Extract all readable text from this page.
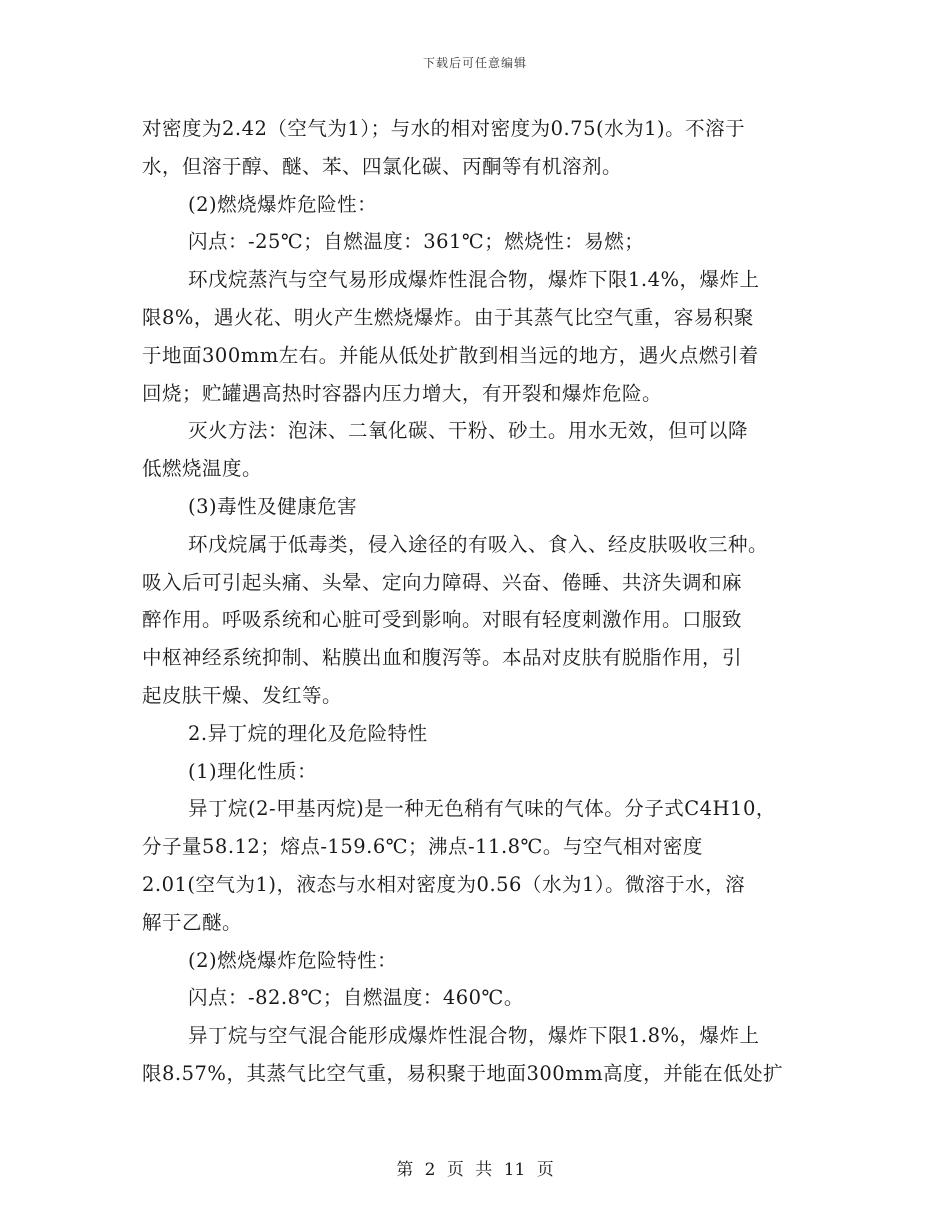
下载后可任意编辑
对密度为2.42（空气为1）；与水的相对密度为0.75(水为1)。不溶于
水，但溶于醇、醚、苯、四氯化碳、丙酮等有机溶剂。
(2)燃烧爆炸危险性：
闪点：-25℃；自燃温度：361℃；燃烧性：易燃；
环戊烷蒸汽与空气易形成爆炸性混合物，爆炸下限1.4%，爆炸上
限8%，遇火花、明火产生燃烧爆炸。由于其蒸气比空气重，容易积聚
于地面300mm左右。并能从低处扩散到相当远的地方，遇火点燃引着
回烧；贮罐遇高热时容器内压力增大，有开裂和爆炸危险。
灭火方法：泡沫、二氧化碳、干粉、砂土。用水无效，但可以降
低燃烧温度。
(3)毒性及健康危害
环戊烷属于低毒类，侵入途径的有吸入、食入、经皮肤吸收三种。
吸入后可引起头痛、头晕、定向力障碍、兴奋、倦睡、共济失调和麻
醉作用。呼吸系统和心脏可受到影响。对眼有轻度刺激作用。口服致
中枢神经系统抑制、粘膜出血和腹泻等。本品对皮肤有脱脂作用，引
起皮肤干燥、发红等。
2.异丁烷的理化及危险特性
(1)理化性质：
异丁烷(2-甲基丙烷)是一种无色稍有气味的气体。分子式C4H10，
分子量58.12；熔点-159.6℃；沸点-11.8℃。与空气相对密度
2.01(空气为1)，液态与水相对密度为0.56（水为1）。微溶于水，溶
解于乙醚。
(2)燃烧爆炸危险特性：
闪点：-82.8℃；自燃温度：460℃。
异丁烷与空气混合能形成爆炸性混合物，爆炸下限1.8%，爆炸上
限8.57%，其蒸气比空气重，易积聚于地面300mm高度，并能在低处扩
第 2 页 共 11 页
